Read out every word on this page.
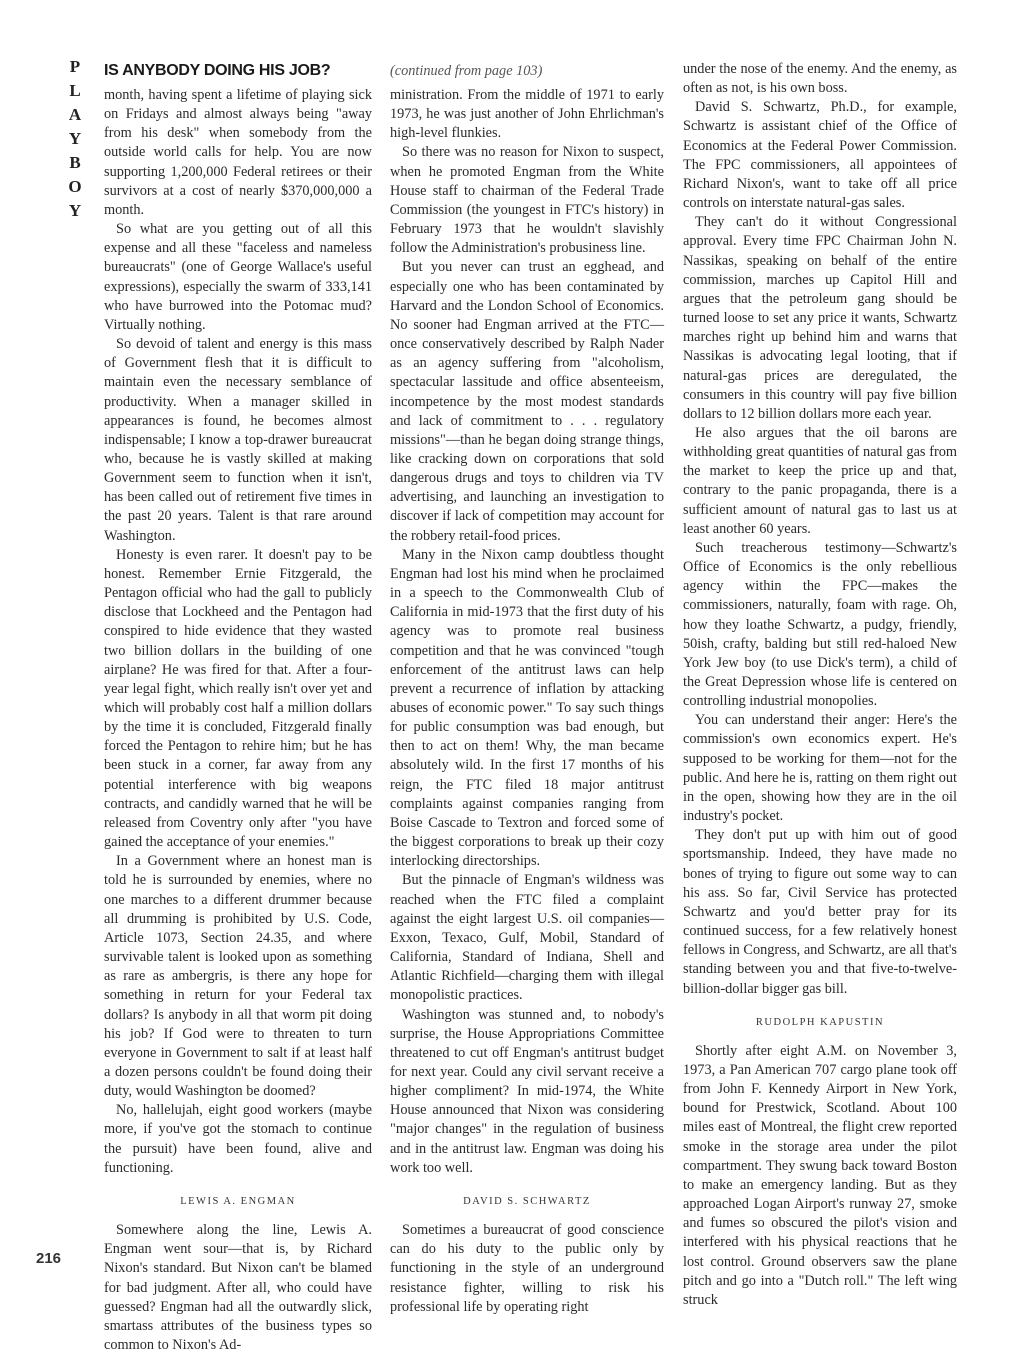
P
L
A
Y
B
O
Y
216
IS ANYBODY DOING HIS JOB?

month, having spent a lifetime of playing sick on Fridays and almost always being "away from his desk" when somebody from the outside world calls for help. You are now supporting 1,200,000 Federal retirees or their survivors at a cost of nearly $370,000,000 a month.

So what are you getting out of all this expense and all these "faceless and nameless bureaucrats" (one of George Wallace's useful expressions), especially the swarm of 333,141 who have burrowed into the Potomac mud? Virtually nothing.

So devoid of talent and energy is this mass of Government flesh that it is difficult to maintain even the necessary semblance of productivity. When a manager skilled in appearances is found, he becomes almost indispensable; I know a top-drawer bureaucrat who, because he is vastly skilled at making Government seem to function when it isn't, has been called out of retirement five times in the past 20 years. Talent is that rare around Washington.

Honesty is even rarer. It doesn't pay to be honest. Remember Ernie Fitzgerald, the Pentagon official who had the gall to publicly disclose that Lockheed and the Pentagon had conspired to hide evidence that they wasted two billion dollars in the building of one airplane? He was fired for that. After a four-year legal fight, which really isn't over yet and which will probably cost half a million dollars by the time it is concluded, Fitzgerald finally forced the Pentagon to rehire him; but he has been stuck in a corner, far away from any potential interference with big weapons contracts, and candidly warned that he will be released from Coventry only after "you have gained the acceptance of your enemies."

In a Government where an honest man is told he is surrounded by enemies, where no one marches to a different drummer because all drumming is prohibited by U.S. Code, Article 1073, Section 24.35, and where survivable talent is looked upon as something as rare as ambergris, is there any hope for something in return for your Federal tax dollars? Is anybody in all that worm pit doing his job? If God were to threaten to turn everyone in Government to salt if at least half a dozen persons couldn't be found doing their duty, would Washington be doomed?

No, hallelujah, eight good workers (maybe more, if you've got the stomach to continue the pursuit) have been found, alive and functioning.

LEWIS A. ENGMAN

Somewhere along the line, Lewis A. Engman went sour—that is, by Richard Nixon's standard. But Nixon can't be blamed for bad judgment. After all, who could have guessed? Engman had all the outwardly slick, smartass attributes of the business types so common to Nixon's Ad-

(continued from page 103)

ministration. From the middle of 1971 to early 1973, he was just another of John Ehrlichman's high-level flunkies.

So there was no reason for Nixon to suspect, when he promoted Engman from the White House staff to chairman of the Federal Trade Commission (the youngest in FTC's history) in February 1973 that he wouldn't slavishly follow the Administration's probusiness line.

But you never can trust an egghead, and especially one who has been contaminated by Harvard and the London School of Economics. No sooner had Engman arrived at the FTC—once conservatively described by Ralph Nader as an agency suffering from "alcoholism, spectacular lassitude and office absenteeism, incompetence by the most modest standards and lack of commitment to . . . regulatory missions"—than he began doing strange things, like cracking down on corporations that sold dangerous drugs and toys to children via TV advertising, and launching an investigation to discover if lack of competition may account for the robbery retail-food prices.

Many in the Nixon camp doubtless thought Engman had lost his mind when he proclaimed in a speech to the Commonwealth Club of California in mid-1973 that the first duty of his agency was to promote real business competition and that he was convinced "tough enforcement of the antitrust laws can help prevent a recurrence of inflation by attacking abuses of economic power." To say such things for public consumption was bad enough, but then to act on them! Why, the man became absolutely wild. In the first 17 months of his reign, the FTC filed 18 major antitrust complaints against companies ranging from Boise Cascade to Textron and forced some of the biggest corporations to break up their cozy interlocking directorships.

But the pinnacle of Engman's wildness was reached when the FTC filed a complaint against the eight largest U.S. oil companies—Exxon, Texaco, Gulf, Mobil, Standard of California, Standard of Indiana, Shell and Atlantic Richfield—charging them with illegal monopolistic practices.

Washington was stunned and, to nobody's surprise, the House Appropriations Committee threatened to cut off Engman's antitrust budget for next year. Could any civil servant receive a higher compliment? In mid-1974, the White House announced that Nixon was considering "major changes" in the regulation of business and in the antitrust law. Engman was doing his work too well.

DAVID S. SCHWARTZ

Sometimes a bureaucrat of good conscience can do his duty to the public only by functioning in the style of an underground resistance fighter, willing to risk his professional life by operating right

under the nose of the enemy. And the enemy, as often as not, is his own boss.

David S. Schwartz, Ph.D., for example, Schwartz is assistant chief of the Office of Economics at the Federal Power Commission. The FPC commissioners, all appointees of Richard Nixon's, want to take off all price controls on interstate natural-gas sales.

They can't do it without Congressional approval. Every time FPC Chairman John N. Nassikas, speaking on behalf of the entire commission, marches up Capitol Hill and argues that the petroleum gang should be turned loose to set any price it wants, Schwartz marches right up behind him and warns that Nassikas is advocating legal looting, that if natural-gas prices are deregulated, the consumers in this country will pay five billion dollars to 12 billion dollars more each year.

He also argues that the oil barons are withholding great quantities of natural gas from the market to keep the price up and that, contrary to the panic propaganda, there is a sufficient amount of natural gas to last us at least another 60 years.

Such treacherous testimony—Schwartz's Office of Economics is the only rebellious agency within the FPC—makes the commissioners, naturally, foam with rage. Oh, how they loathe Schwartz, a pudgy, friendly, 50ish, crafty, balding but still red-haloed New York Jew boy (to use Dick's term), a child of the Great Depression whose life is centered on controlling industrial monopolies.

You can understand their anger: Here's the commission's own economics expert. He's supposed to be working for them—not for the public. And here he is, ratting on them right out in the open, showing how they are in the oil industry's pocket.

They don't put up with him out of good sportsmanship. Indeed, they have made no bones of trying to figure out some way to can his ass. So far, Civil Service has protected Schwartz and you'd better pray for its continued success, for a few relatively honest fellows in Congress, and Schwartz, are all that's standing between you and that five-to-twelve-billion-dollar bigger gas bill.

RUDOLPH KAPUSTIN

Shortly after eight A.M. on November 3, 1973, a Pan American 707 cargo plane took off from John F. Kennedy Airport in New York, bound for Prestwick, Scotland. About 100 miles east of Montreal, the flight crew reported smoke in the storage area under the pilot compartment. They swung back toward Boston to make an emergency landing. But as they approached Logan Airport's runway 27, smoke and fumes so obscured the pilot's vision and interfered with his physical reactions that he lost control. Ground observers saw the plane pitch and go into a "Dutch roll." The left wing struck
